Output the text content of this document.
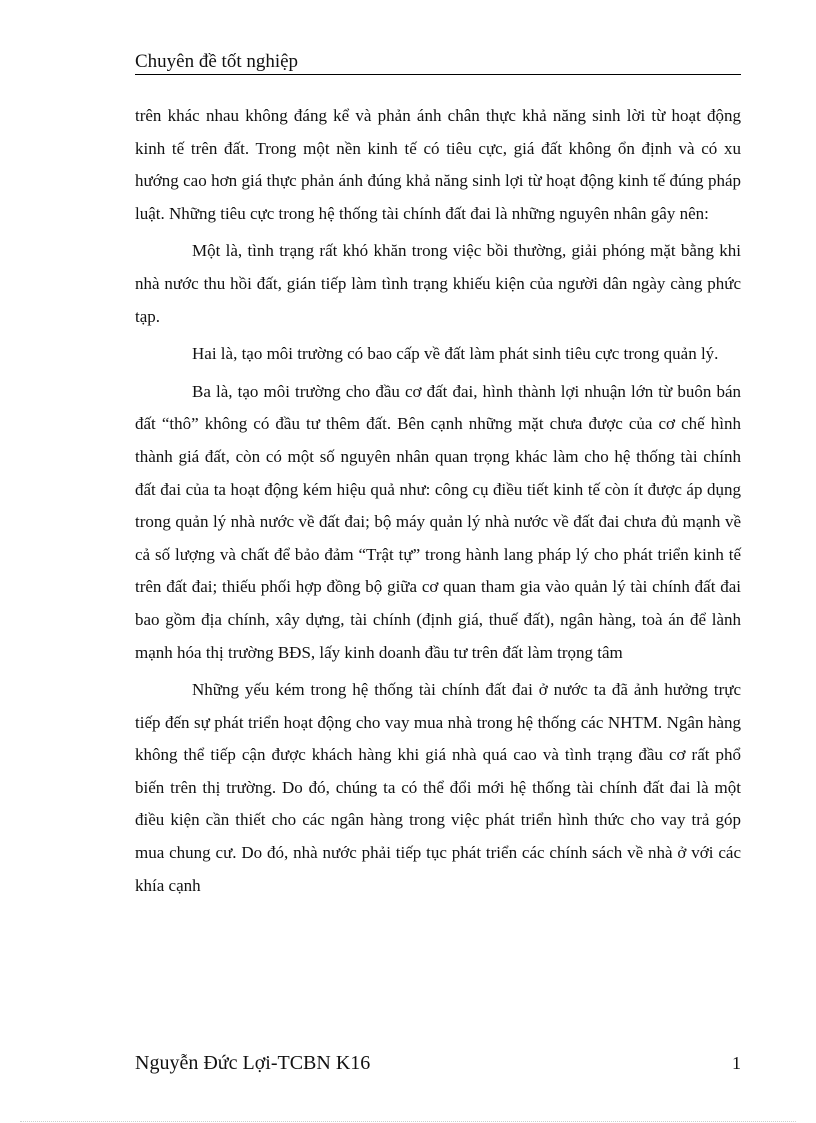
Chuyên đề tốt nghiệp

trên khác nhau không đáng kể và phản ánh chân thực khả năng sinh lời từ hoạt động kinh tế trên đất. Trong một nền kinh tế có tiêu cực, giá đất không ổn định và có xu hướng cao hơn giá thực phản ánh đúng khả năng sinh lợi từ hoạt động kinh tế đúng pháp luật. Những tiêu cực trong hệ thống tài chính đất đai là những nguyên nhân gây nên:

Một là, tình trạng rất khó khăn trong việc bồi thường, giải phóng mặt bằng khi nhà nước thu hồi đất, gián tiếp làm tình trạng khiếu kiện của người dân ngày càng phức tạp.

Hai là, tạo môi trường có bao cấp về đất làm phát sinh tiêu cực trong quản lý.

Ba là, tạo môi trường cho đầu cơ đất đai, hình thành lợi nhuận lớn từ buôn bán đất “thô” không có đầu tư thêm đất. Bên cạnh những mặt chưa được của cơ chế hình thành giá đất, còn có một số nguyên nhân quan trọng khác làm cho hệ thống tài chính đất đai của ta hoạt động kém hiệu quả như: công cụ điều tiết kinh tế còn ít được áp dụng trong quản lý nhà nước về đất đai; bộ máy quản lý nhà nước về đất đai chưa đủ mạnh về cả số lượng và chất để bảo đảm “Trật tự” trong hành lang pháp lý cho phát triển kinh tế trên đất đai; thiếu phối hợp đồng bộ giữa cơ quan tham gia vào quản lý tài chính đất đai bao gồm địa chính, xây dựng, tài chính (định giá, thuế đất), ngân hàng, toà án để lành mạnh hóa thị trường BĐS, lấy kinh doanh đầu tư trên đất làm trọng tâm

Những yếu kém trong hệ thống tài chính đất đai ở nước ta đã ảnh hưởng trực tiếp đến sự phát triển hoạt động cho vay mua nhà trong hệ thống các NHTM. Ngân hàng không thể tiếp cận được khách hàng khi giá nhà quá cao và tình trạng đầu cơ rất phổ biến trên thị trường. Do đó, chúng ta có thể đổi mới hệ thống tài chính đất đai là một điều kiện cần thiết cho các ngân hàng trong việc phát triển hình thức cho vay trả góp mua chung cư. Do đó, nhà nước phải tiếp tục phát triển các chính sách về nhà ở với các khía cạnh

Nguyễn Đức Lợi-TCBN K16	1
